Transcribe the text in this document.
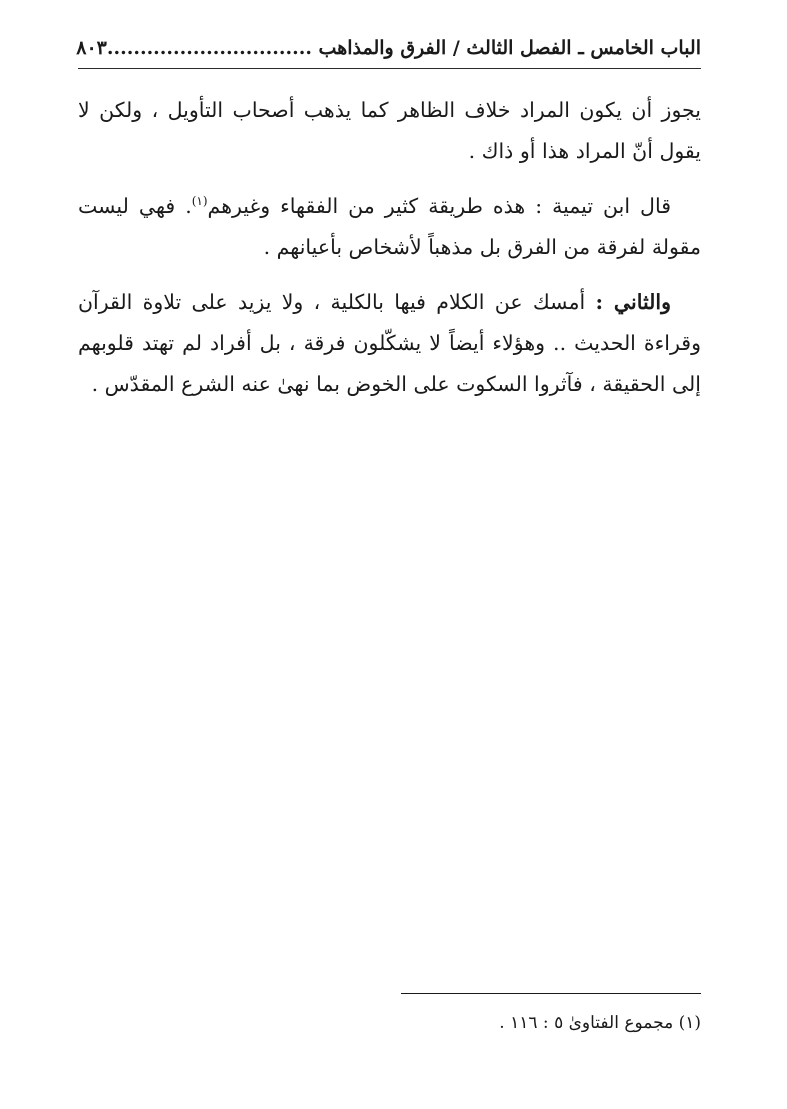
الباب الخامس ـ الفصل الثالث / الفرق والمذاهب ...............................
٨٠٣

يجوز أن يكون المراد خلاف الظاهر كما يذهب أصحاب التأويل ، ولكن لا يقول أنّ المراد هذا أو ذاك .

قال ابن تيمية : هذه طريقة كثير من الفقهاء وغيرهم$^{(١)}$. فهي ليست مقولة لفرقة من الفرق بل مذهباً لأشخاص بأعيانهم .

والثاني : أمسك عن الكلام فيها بالكلية ، ولا يزيد على تلاوة القرآن وقراءة الحديث .. وهؤلاء أيضاً لا يشكّلون فرقة ، بل أفراد لم تهتد قلوبهم إلى الحقيقة ، فآثروا السكوت على الخوض بما نهىٰ عنه الشرع المقدّس .

(١) مجموع الفتاوىٰ ٥ : ١١٦ .
